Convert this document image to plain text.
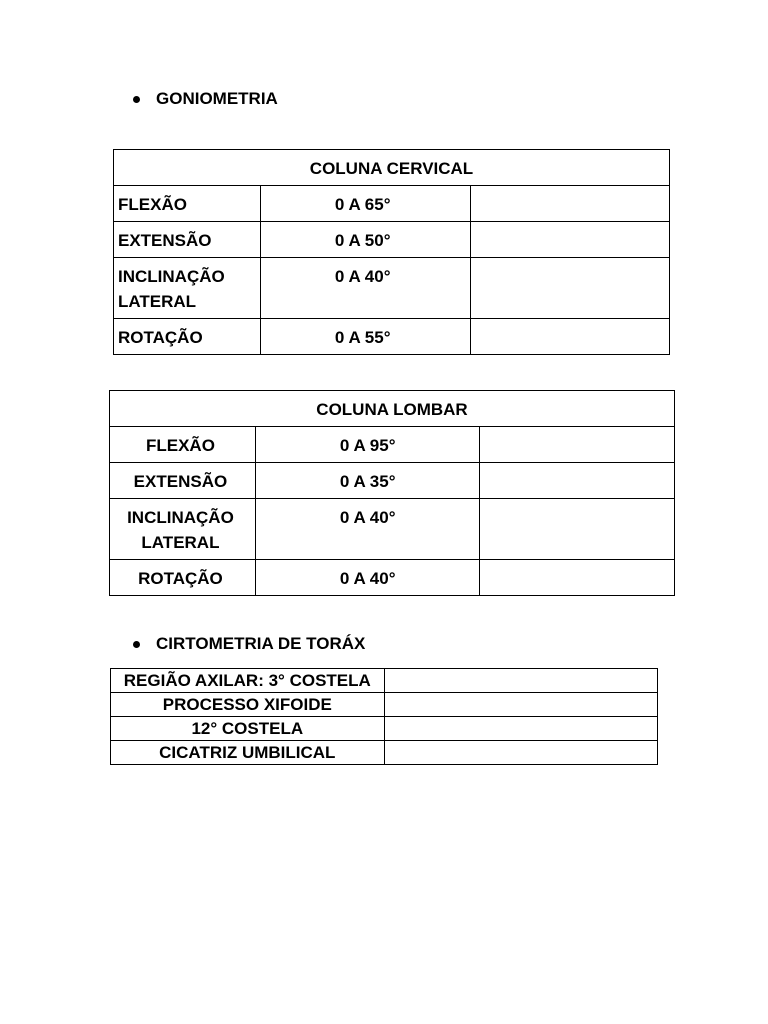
GONIOMETRIA
COLUNA CERVICAL		
FLEXÃO	0 A 65°	
EXTENSÃO	0 A 50°	
INCLINAÇÃO LATERAL	0 A 40°	
ROTAÇÃO	0 A 55°	
COLUNA LOMBAR		
FLEXÃO	0 A 95°	
EXTENSÃO	0 A 35°	
INCLINAÇÃO LATERAL	0 A 40°	
ROTAÇÃO	0 A 40°	
CIRTOMETRIA DE TORÁX
REGIÃO AXILAR: 3° COSTELA	
PROCESSO XIFOIDE	
12° COSTELA	
CICATRIZ UMBILICAL	
